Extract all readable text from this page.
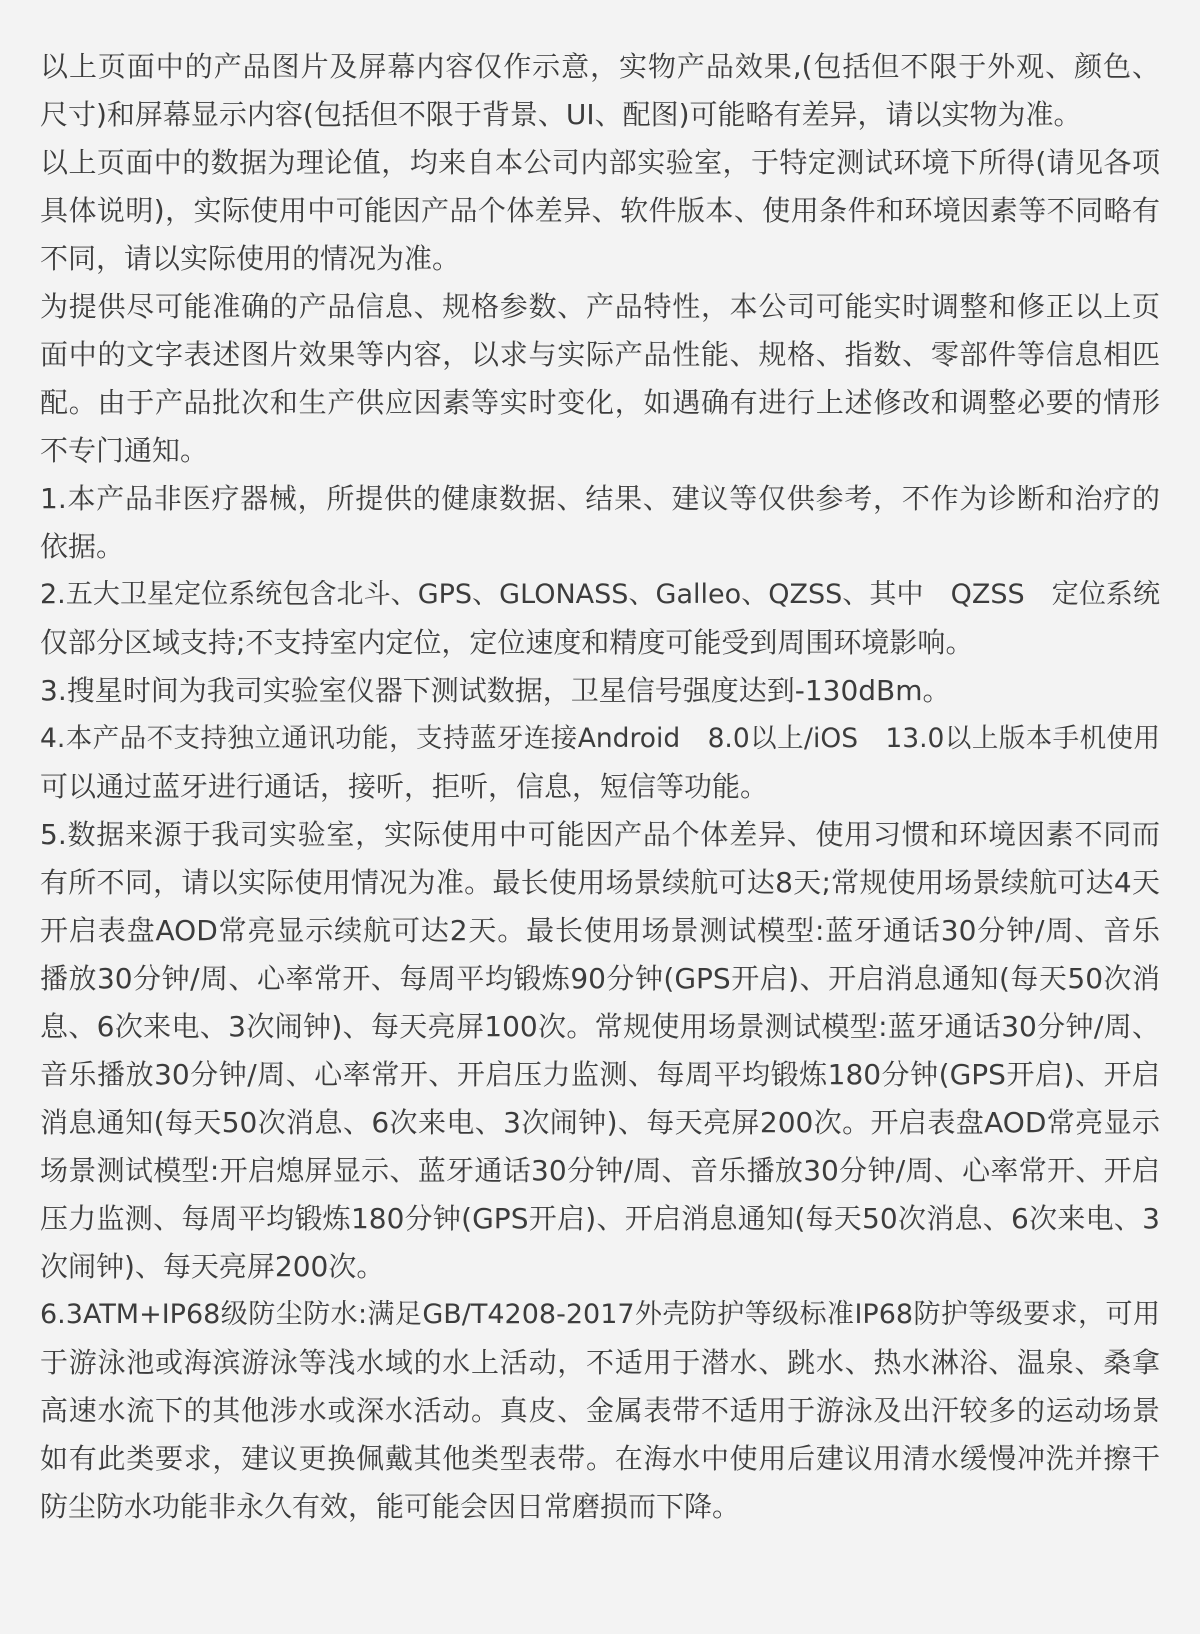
以上页面中的产品图片及屏幕内容仅作示意，实物产品效果,(包括但不限于外观、颜色、
尺寸)和屏幕显示内容(包括但不限于背景、UI、配图)可能略有差异，请以实物为准。
以上页面中的数据为理论值，均来自本公司内部实验室，于特定测试环境下所得(请见各项
具体说明)，实际使用中可能因产品个体差异、软件版本、使用条件和环境因素等不同略有
不同，请以实际使用的情况为准。
为提供尽可能准确的产品信息、规格参数、产品特性，本公司可能实时调整和修正以上页
面中的文字表述图片效果等内容，以求与实际产品性能、规格、指数、零部件等信息相匹
配。由于产品批次和生产供应因素等实时变化，如遇确有进行上述修改和调整必要的情形
不专门通知。
1.本产品非医疗器械，所提供的健康数据、结果、建议等仅供参考，不作为诊断和治疗的
依据。
2.五大卫星定位系统包含北斗、GPS、GLONASS、Galleo、QZSS、其中　QZSS　定位系统
仅部分区域支持;不支持室内定位，定位速度和精度可能受到周围环境影响。
3.搜星时间为我司实验室仪器下测试数据，卫星信号强度达到-130dBm。
4.本产品不支持独立通讯功能，支持蓝牙连接Android　8.0以上/iOS　13.0以上版本手机使用
可以通过蓝牙进行通话，接听，拒听，信息，短信等功能。
5.数据来源于我司实验室，实际使用中可能因产品个体差异、使用习惯和环境因素不同而
有所不同，请以实际使用情况为准。最长使用场景续航可达8天;常规使用场景续航可达4天
开启表盘AOD常亮显示续航可达2天。最长使用场景测试模型:蓝牙通话30分钟/周、音乐
播放30分钟/周、心率常开、每周平均锻炼90分钟(GPS开启)、开启消息通知(每天50次消
息、6次来电、3次闹钟)、每天亮屏100次。常规使用场景测试模型:蓝牙通话30分钟/周、
音乐播放30分钟/周、心率常开、开启压力监测、每周平均锻炼180分钟(GPS开启)、开启
消息通知(每天50次消息、6次来电、3次闹钟)、每天亮屏200次。开启表盘AOD常亮显示
场景测试模型:开启熄屏显示、蓝牙通话30分钟/周、音乐播放30分钟/周、心率常开、开启
压力监测、每周平均锻炼180分钟(GPS开启)、开启消息通知(每天50次消息、6次来电、3
次闹钟)、每天亮屏200次。
6.3ATM+IP68级防尘防水:满足GB/T4208-2017外壳防护等级标准IP68防护等级要求，可用
于游泳池或海滨游泳等浅水域的水上活动，不适用于潜水、跳水、热水淋浴、温泉、桑拿
高速水流下的其他涉水或深水活动。真皮、金属表带不适用于游泳及出汗较多的运动场景
如有此类要求，建议更换佩戴其他类型表带。在海水中使用后建议用清水缓慢冲洗并擦干
防尘防水功能非永久有效，能可能会因日常磨损而下降。
